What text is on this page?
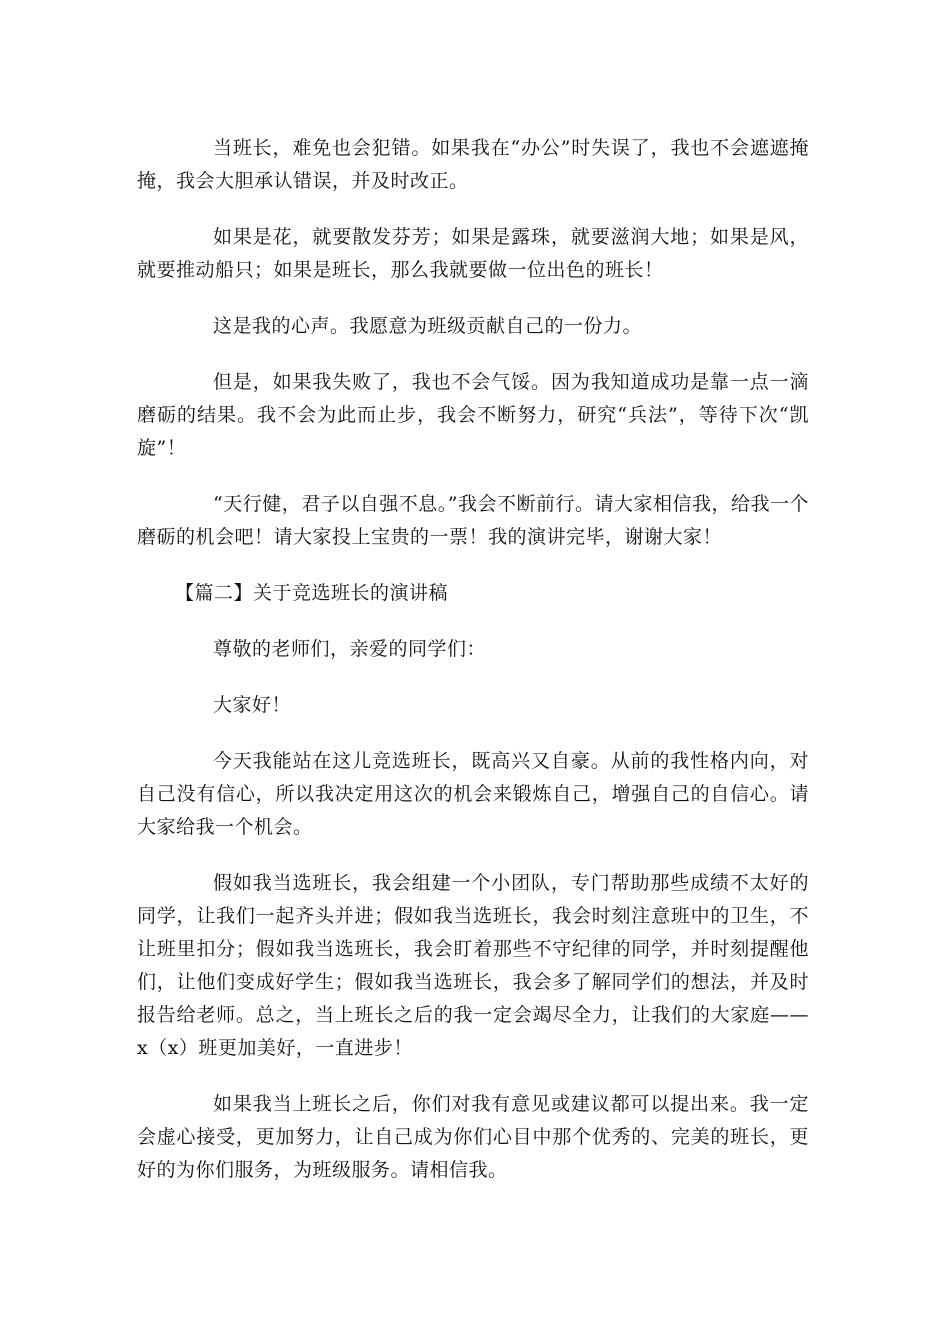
当班长，难免也会犯错。如果我在“办公”时失误了，我也不会遮遮掩掩，我会大胆承认错误，并及时改正。

如果是花，就要散发芬芳；如果是露珠，就要滋润大地；如果是风，就要推动船只；如果是班长，那么我就要做一位出色的班长！

这是我的心声。我愿意为班级贡献自己的一份力。

但是，如果我失败了，我也不会气馁。因为我知道成功是靠一点一滴磨砺的结果。我不会为此而止步，我会不断努力，研究“兵法”，等待下次“凯旋”！

“天行健，君子以自强不息。”我会不断前行。请大家相信我，给我一个磨砺的机会吧！请大家投上宝贵的一票！我的演讲完毕，谢谢大家！

【篇二】关于竞选班长的演讲稿

尊敬的老师们，亲爱的同学们：

大家好！

今天我能站在这儿竞选班长，既高兴又自豪。从前的我性格内向，对自己没有信心，所以我决定用这次的机会来锻炼自己，增强自己的自信心。请大家给我一个机会。

假如我当选班长，我会组建一个小团队，专门帮助那些成绩不太好的同学，让我们一起齐头并进；假如我当选班长，我会时刻注意班中的卫生，不让班里扣分；假如我当选班长，我会盯着那些不守纪律的同学，并时刻提醒他们，让他们变成好学生；假如我当选班长，我会多了解同学们的想法，并及时报告给老师。总之，当上班长之后的我一定会竭尽全力，让我们的大家庭——x（x）班更加美好，一直进步！

如果我当上班长之后，你们对我有意见或建议都可以提出来。我一定会虚心接受，更加努力，让自己成为你们心目中那个优秀的、完美的班长，更好的为你们服务，为班级服务。请相信我。
